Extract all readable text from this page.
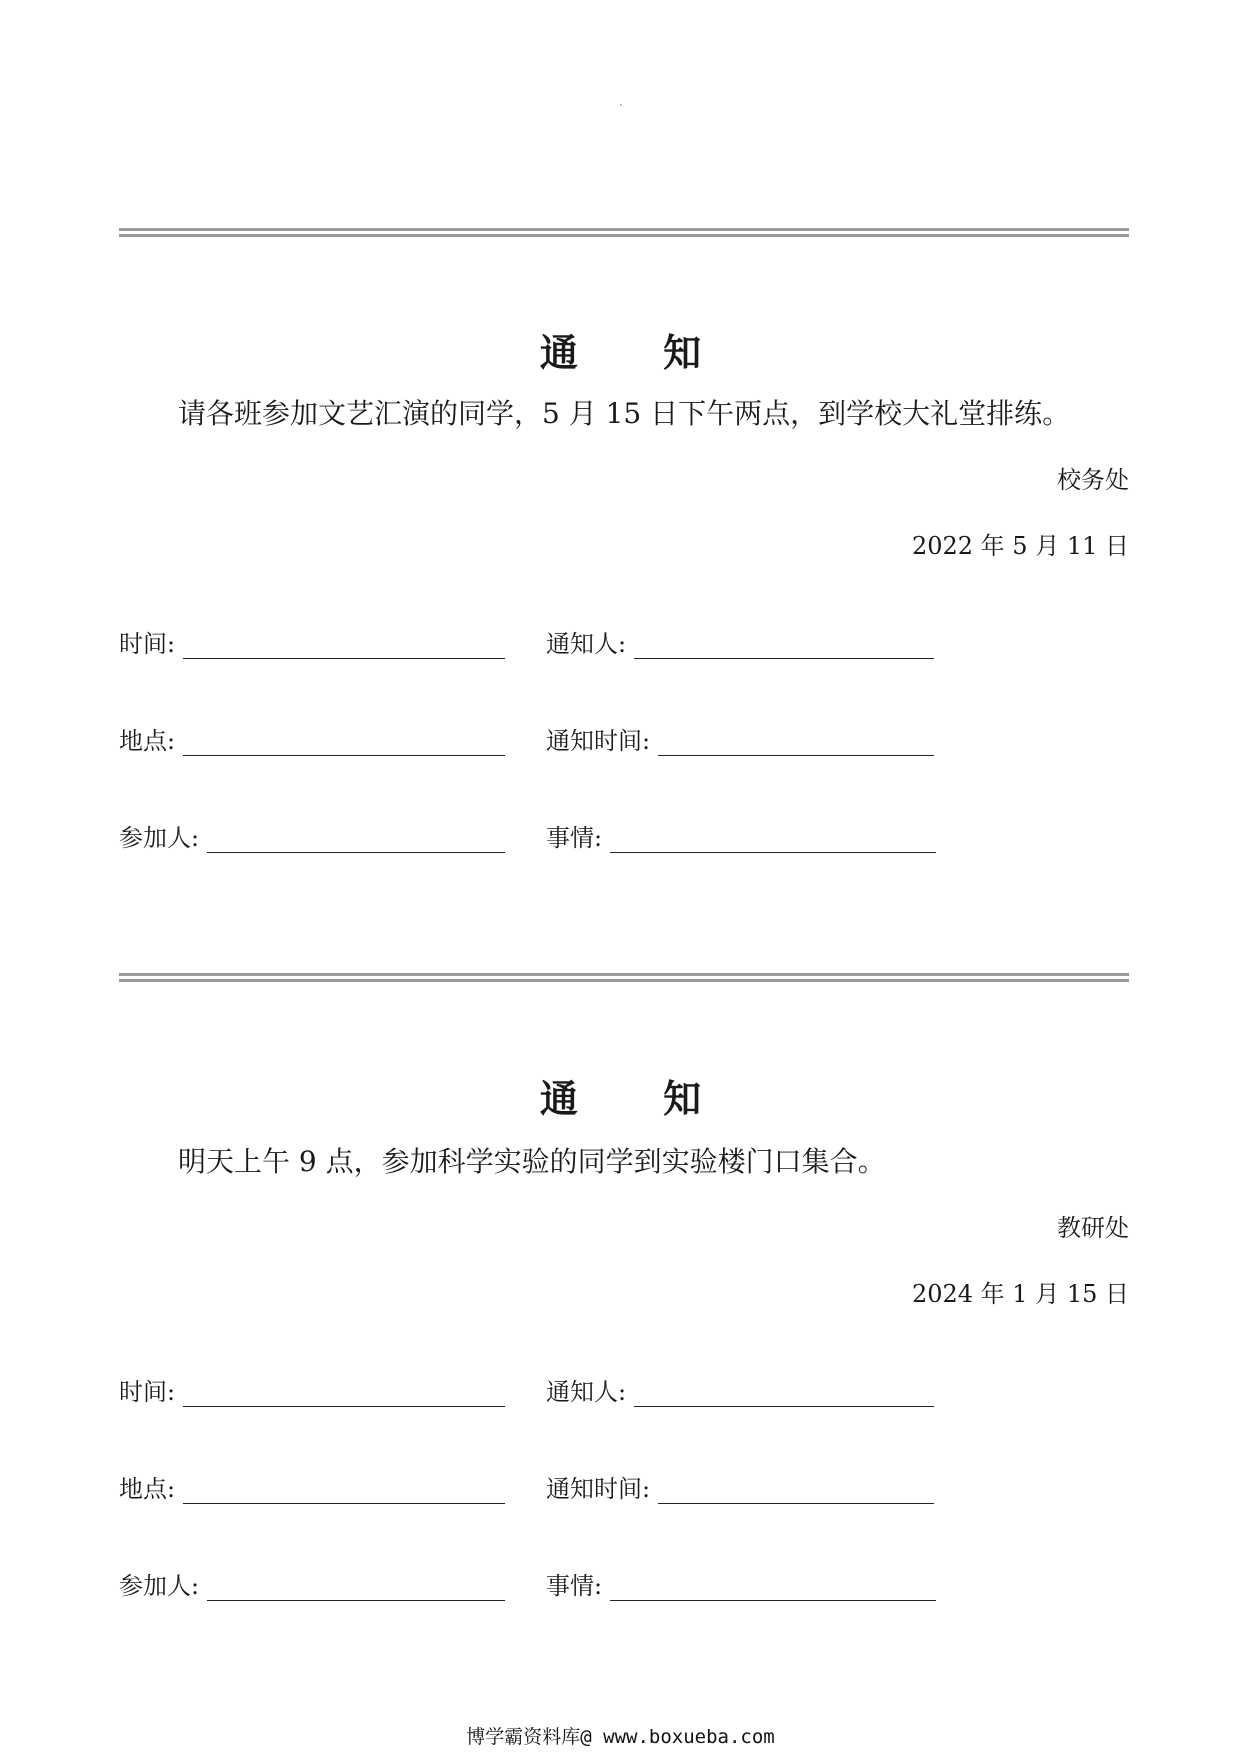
通 知
请各班参加文艺汇演的同学，5 月 15 日下午两点，到学校大礼堂排练。
校务处
2022 年 5 月 11 日
时间:	通知人:
地点:	通知时间:
参加人:	事情:
通 知
明天上午 9 点，参加科学实验的同学到实验楼门口集合。
教研处
2024 年 1 月 15 日
时间:	通知人:
地点:	通知时间:
参加人:	事情:
博学霸资料库@ www.boxueba.com
